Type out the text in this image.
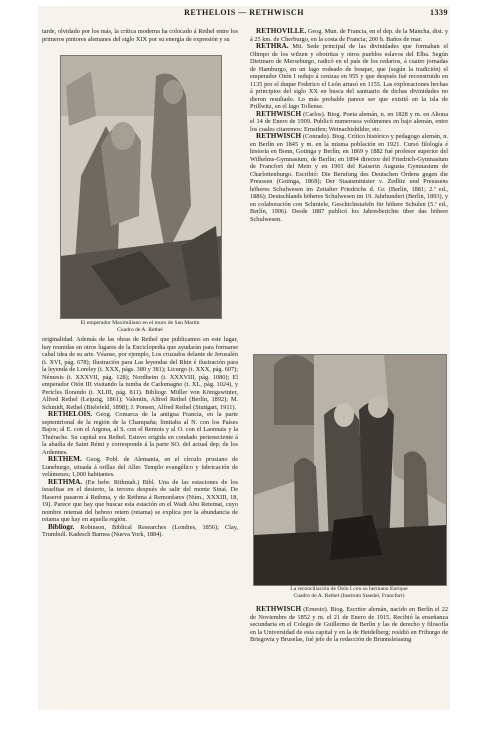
RETHELOIS — RETHWISCH	1339

tarde, olvidado por los más, la crítica moderna ha colocado á Rethel entre los primeros pintores alemanes del siglo XIX por su energía de expresión y su

El emperador Maximiliano en el muro de San Martín
Cuadro de A. Rethel

originalidad. Además de las obras de Rethel que publicamos en este lugar, hay reunidas en otros lugares de la Enciclopedia que ayudarán para formarse cabal idea de su arte. Véanse, por ejemplo, Los cruzados delante de Jerusalén (t. XVI, pág. 678); Ilustración para Las leyendas del Rhin é ilustración para la leyenda de Loreley (t. XXX, págs. 380 y 381); Licurgo (t. XXX, pág. 607); Némesis (t. XXXVII, pág. 128); Nordheim (t. XXXVIII, pág. 1080); El emperador Otón III visitando la tumba de Carlomagno (t. XL, pág. 1024), y Pericles Ilorando (t. XLIII, pág. 811). Bibliogr. Müller von Königswinter, Alfred Rethel (Leipzig, 1861); Valentin, Alfred Rethel (Berlín, 1892); M. Schmidt, Rethel (Bielefeld, 1898); J. Ponsen, Alfred Rethel (Stuttgart, 1911).

RETHELOIS. Geog. Comarca de la antigua Francia, en la parte septentrional de la región de la Champaña; limitaba al N. con los Países Bajos; al E. con el Argona, al S. con el Remois y al O. con el Laonnais y la Thiérache. Su capital era Rethel. Estuvo erigida en condado perteneciente á la abadía de Saint Rémi y corresponde á la parte SO. del actual dep. de los Ardennes.

RETHEM. Geog. Pobl. de Alemania, en el círculo prusiano de Luneburgo, situada á orillas del Aller. Templo evangélico y fabricación de velámenes; 1,000 habitantes.

RETHMA. (En hebr. Rithmah.) Bibl. Una de las estaciones de los israelitas en el desierto, la tercera después de salir del monte Sinaí. De Haserot pasaron á Rethma, y de Rethma á Remonfares (Núm., XXXIII, 18, 19). Parece que hay que buscar esta estación en el Wadi Abu Retemat, cuyo nombre retemat del hebreo retem (retama) se explica por la abundancia de retama que hay en aquella región.

Bibliogr. Robinson, Biblical Researches (Londres, 1856); Clay, Trumbull. Kadesch Barnea (Nueva York, 1884).

RETHOVILLE. Geog. Mun. de Francia, en el dep. de la Mancha, dist. y á 25 km. de Cherburgo, en la costa de Francia; 200 h. Baños de mar.

RETHRA. Mit. Sede principal de las divinidades que formaban el Olimpo de los wilzen y obotritas y otros pueblos eslavos del Elba. Según Dietmaro de Merseburgo, radicó en el país de los redarios, á cuatro jornadas de Hamburgo, en un lago rodeado de bosque, que (según la tradición) el emperador Otón I redujo á cenizas en 955 y que después fué reconstruido en 1135 por el duque Federico el León arrasó en 1155. Las exploraciones hechas á principios del siglo XX en busca del santuario de dichas divinidades no dieron resultado. Lo más probable parece ser que existió en la isla de Prillwitz, en el lago Tollense.

RETHWISCH (Carlos). Biog. Poeta alemán, n. en 1828 y m. en Altona el 14 de Enero de 1909. Publicó numerosos volúmenes en bajo alemán, entre los cuales citaremos: Ernstfen; Weinachtsbilder, etc.

RETHWISCH (Conrado). Biog. Crítico histórico y pedagogo alemán, n. en Berlín en 1845 y m. en la misma población en 1921. Cursó filología é historia en Bonn, Gotinga y Berlín; en 1869 y 1882 fué profesor superior del Wilhelms-Gymnasium, de Berlín; en 1894 director del Friedrich-Gymnasium de Francfort del Mein y en 1901 del Kaiserin Augusta Gymnasium de Charlottenburgo. Escribió: Die Berufung des Deutschen Ordens gegen die Preussen (Gotinga, 1868); Der Staatsminister v. Zedlitz und Preussens höheres Schulwesen im Zeitalter Friedrichs d. Gr. (Berlín, 1881; 2.ª ed., 1886); Deutschlands höheres Schulwesen im 19. Jahrhundert (Berlín, 1893), y en colaboración con Schmiele, Geschichtstafeln für höhere Schulen (5.ª ed., Berlín, 1906). Desde 1887 publicó los Jahresberichte über das höhere Schulwesen.

La reconciliación de Otón I con su hermano Enrique
Cuadro de A. Rethel (Instituto Staedel, Francfort)

RETHWISCH (Ernesto). Biog. Escritor alemán, nacido en Berlín el 22 de Noviembre de 1852 y m. el 21 de Enero de 1915. Recibió la enseñanza secundaria en el Colegio de Guillermo de Berlín y las de derecho y filosofía en la Universidad de esta capital y en la de Heidelberg; residió en Friburgo de Brisgovia y Bruselas, fué jefe de la redacción de Brunnsleiasing
